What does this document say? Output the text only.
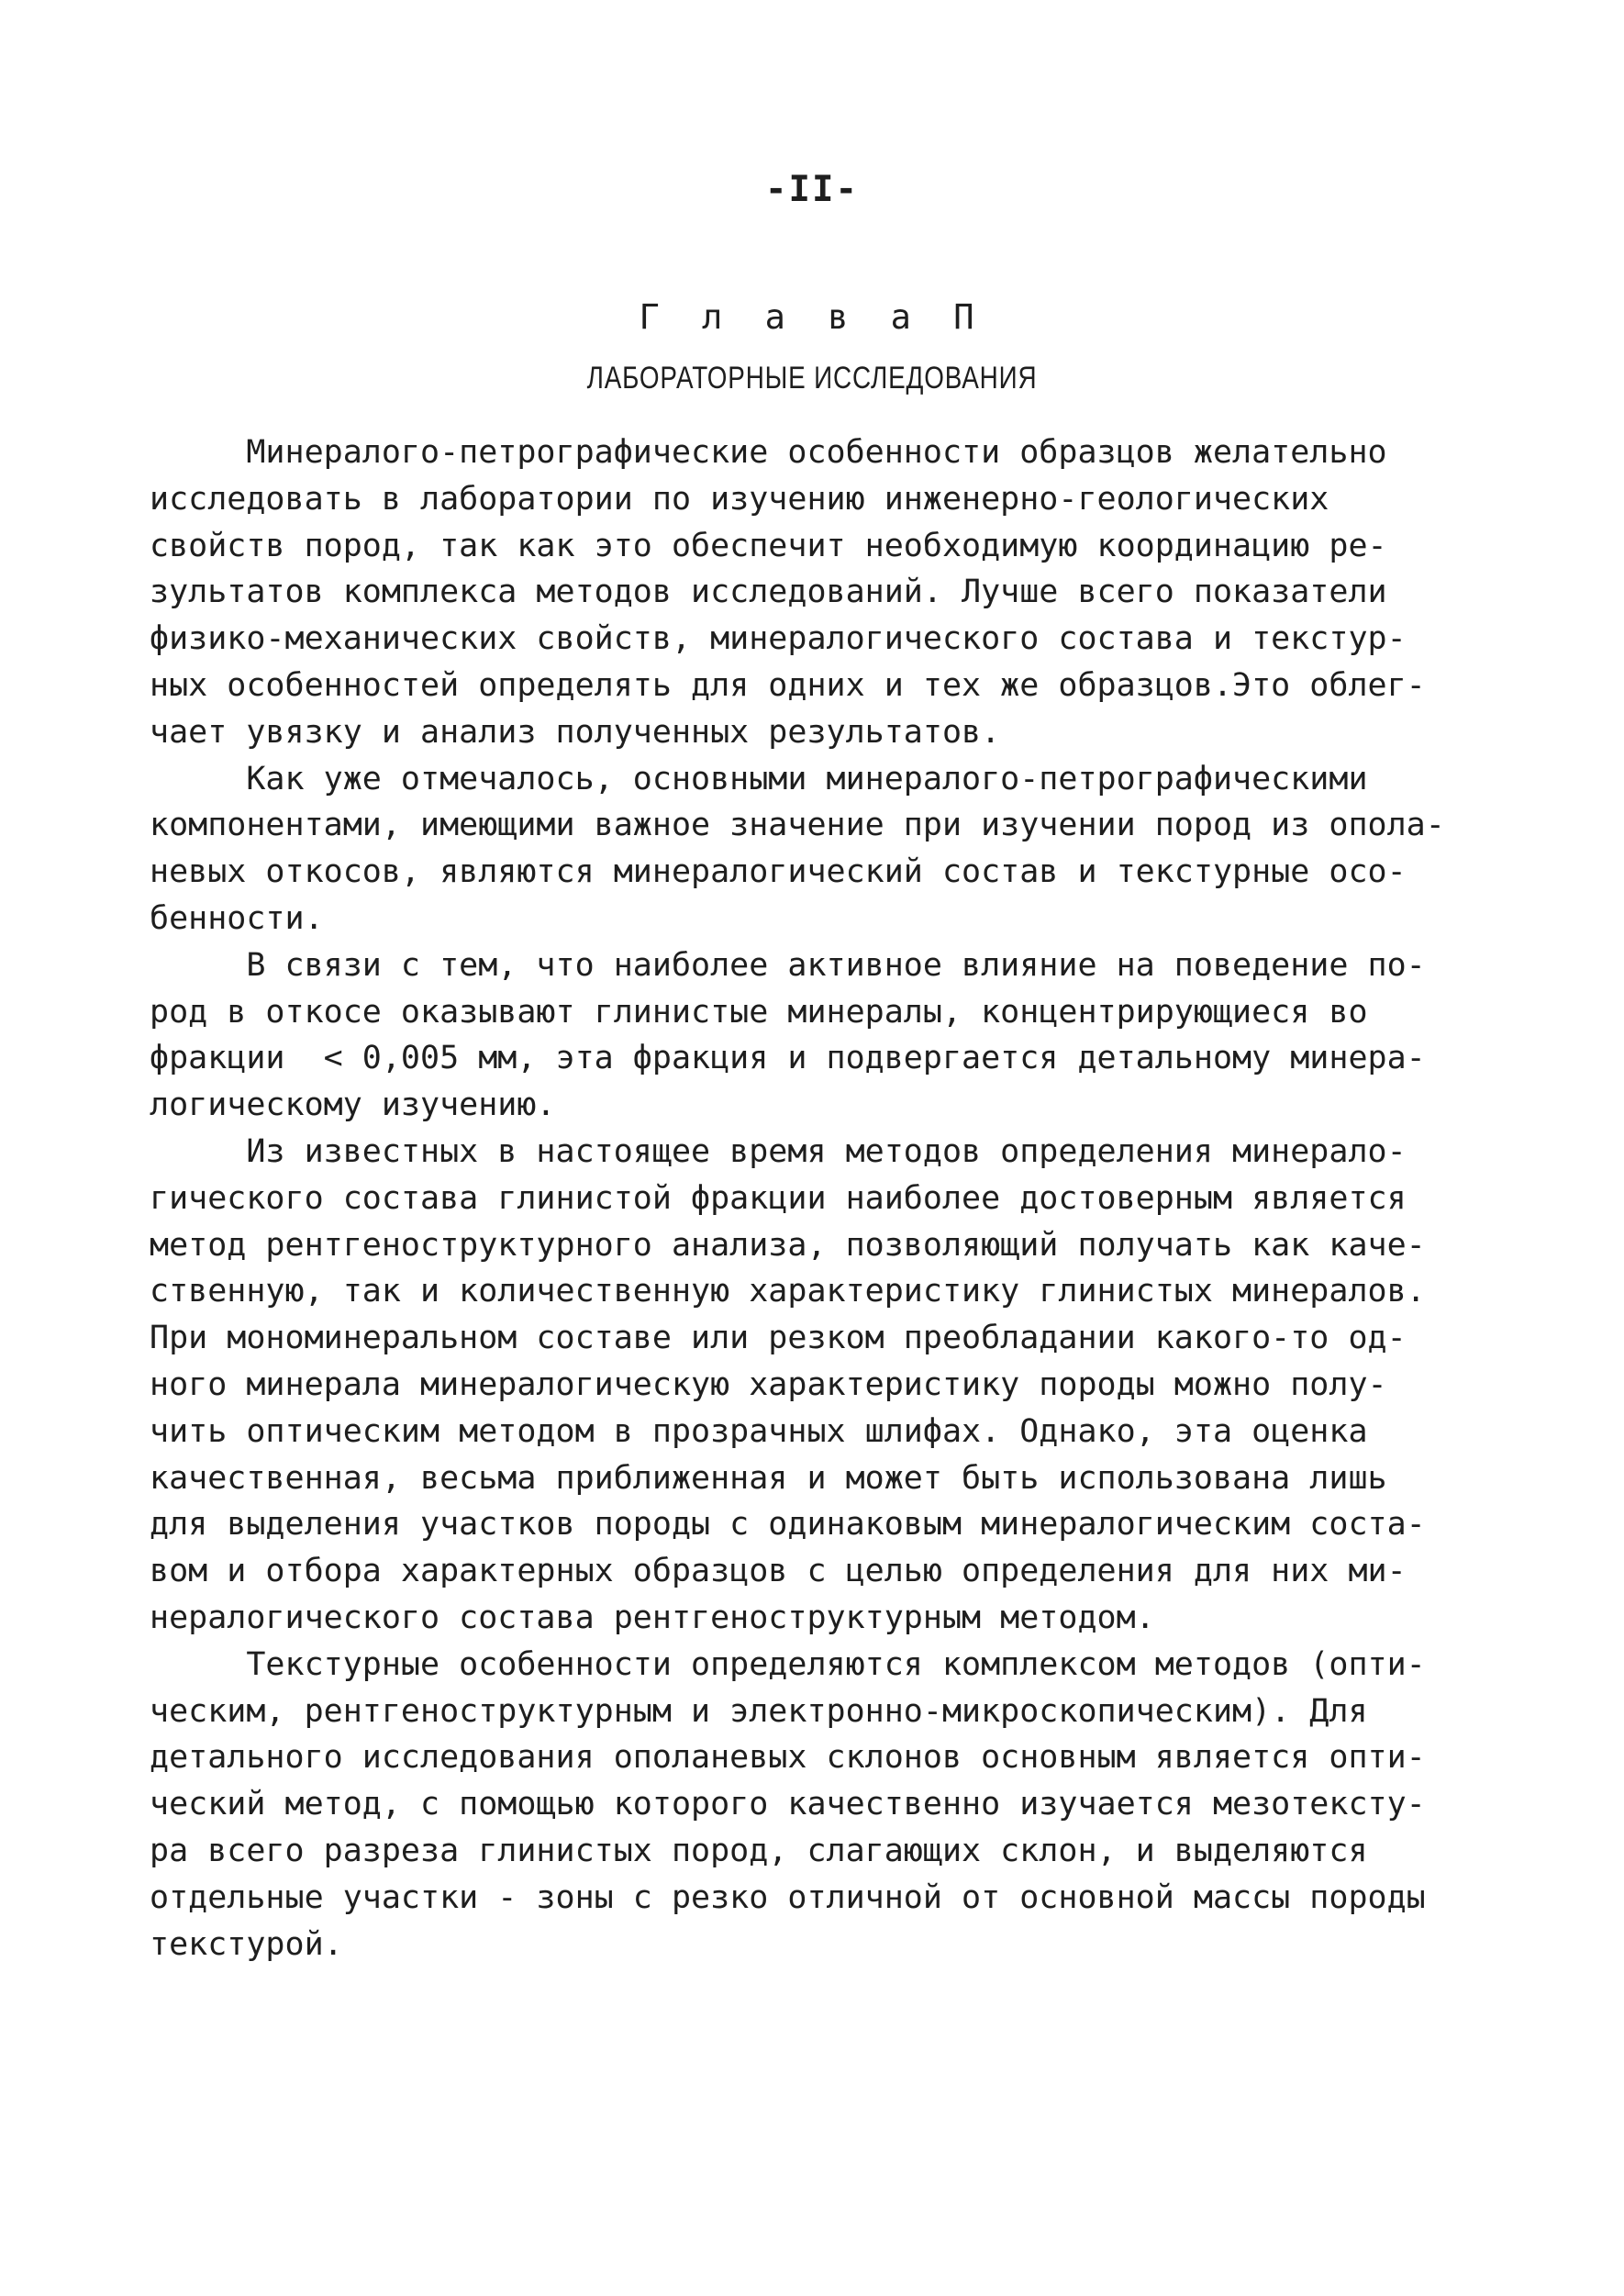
-II-
Г л а в а П
ЛАБОРАТОРНЫЕ ИССЛЕДОВАНИЯ
Минералого-петрографические особенности образцов желательно
исследовать в лаборатории по изучению инженерно-геологических
свойств пород, так как это обеспечит необходимую координацию ре-
зультатов комплекса методов исследований. Лучше всего показатели
физико-механических свойств, минералогического состава и текстур-
ных особенностей определять для одних и тех же образцов.Это облег-
чает увязку и анализ полученных результатов.
Как уже отмечалось, основными минералого-петрографическими
компонентами, имеющими важное значение при изучении пород из опола-
невых откосов, являются минералогический состав и текстурные осо-
бенности.
В связи с тем, что наиболее активное влияние на поведение по-
род в откосе оказывают глинистые минералы, концентрирующиеся во
фракции  < 0,005 мм, эта фракция и подвергается детальному минера-
логическому изучению.
Из известных в настоящее время методов определения минерало-
гического состава глинистой фракции наиболее достоверным является
метод рентгеноструктурного анализа, позволяющий получать как каче-
ственную, так и количественную характеристику глинистых минералов.
При мономинеральном составе или резком преобладании какого-то од-
ного минерала минералогическую характеристику породы можно полу-
чить оптическим методом в прозрачных шлифах. Однако, эта оценка
качественная, весьма приближенная и может быть использована лишь
для выделения участков породы с одинаковым минералогическим соста-
вом и отбора характерных образцов с целью определения для них ми-
нералогического состава рентгеноструктурным методом.
Текстурные особенности определяются комплексом методов (опти-
ческим, рентгеноструктурным и электронно-микроскопическим). Для
детального исследования ополаневых склонов основным является опти-
ческий метод, с помощью которого качественно изучается мезотексту-
ра всего разреза глинистых пород, слагающих склон, и выделяются
отдельные участки - зоны с резко отличной от основной массы породы
текстурой.
